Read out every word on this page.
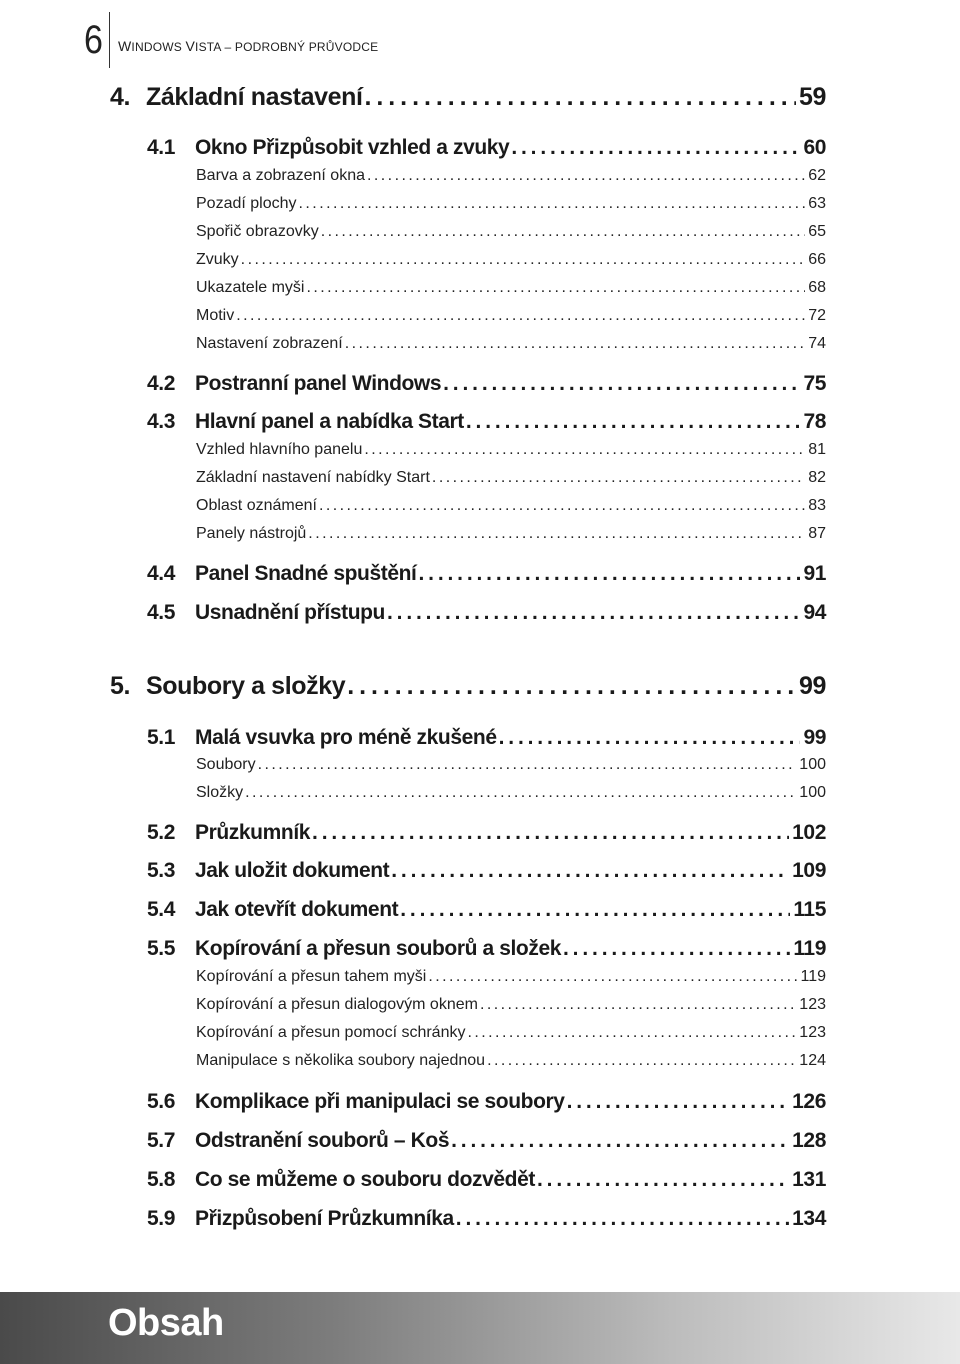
6 WINDOWS VISTA – PODROBNÝ PRŮVODCE
4. Základní nastavení . . .	59
4.1 Okno Přizpůsobit vzhled a zvuky . . .	60
Barva a zobrazení okna . . .	62
Pozadí plochy . . .	63
Spořič obrazovky . . .	65
Zvuky . . .	66
Ukazatele myši . . .	68
Motiv . . .	72
Nastavení zobrazení . . .	74
4.2 Postranní panel Windows . . .	75
4.3 Hlavní panel a nabídka Start . . .	78
Vzhled hlavního panelu . . .	81
Základní nastavení nabídky Start . . .	82
Oblast oznámení . . .	83
Panely nástrojů . . .	87
4.4 Panel Snadné spuštění . . .	91
4.5 Usnadnění přístupu . . .	94
5. Soubory a složky . . .	99
5.1 Malá vsuvka pro méně zkušené . . .	99
Soubory . . .	100
Složky . . .	100
5.2 Průzkumník . . .	102
5.3 Jak uložit dokument . . .	109
5.4 Jak otevřít dokument . . .	115
5.5 Kopírování a přesun souborů a složek . . .	119
Kopírování a přesun tahem myši . . .	119
Kopírování a přesun dialogovým oknem . . .	123
Kopírování a přesun pomocí schránky . . .	123
Manipulace s několika soubory najednou . . .	124
5.6 Komplikace při manipulaci se soubory . . .	126
5.7 Odstranění souborů – Koš . . .	128
5.8 Co se můžeme o souboru dozvědět . . .	131
5.9 Přizpůsobení Průzkumníka . . .	134
Obsah
